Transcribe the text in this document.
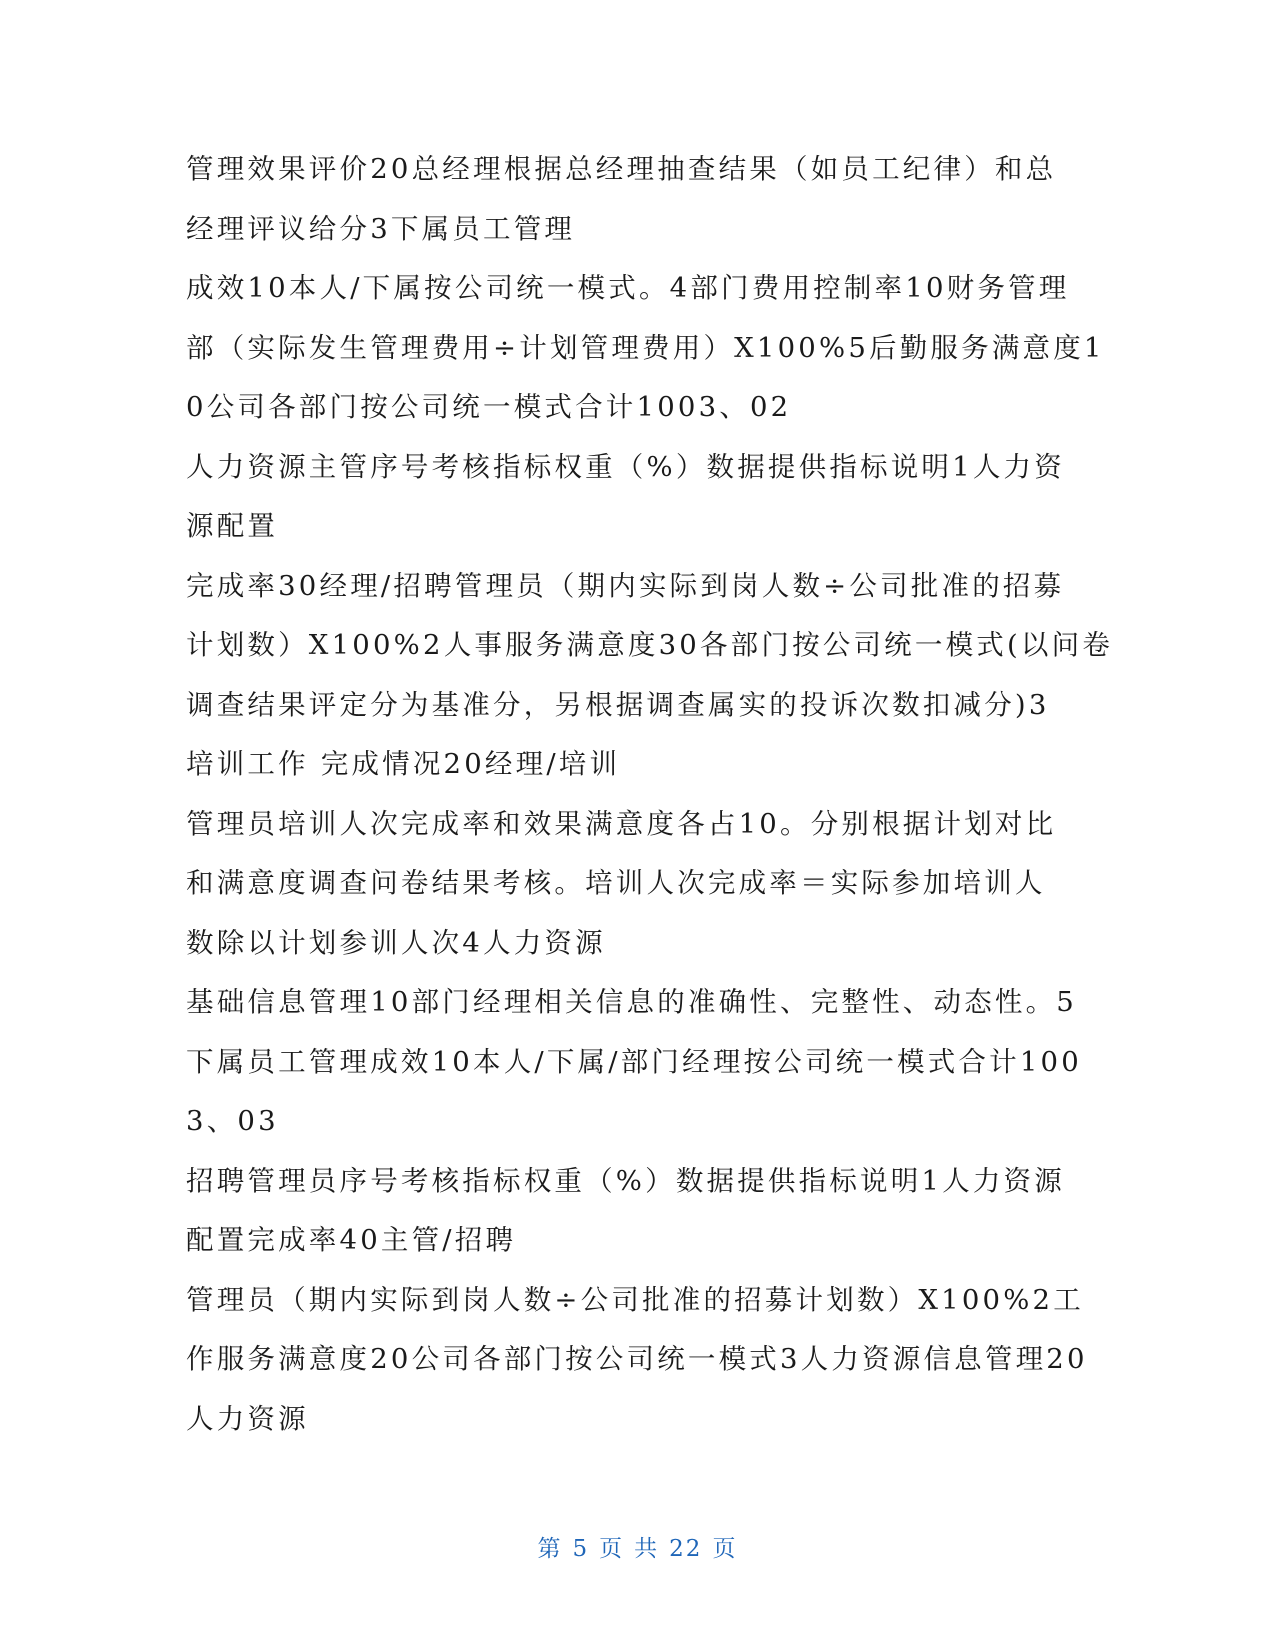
管理效果评价20总经理根据总经理抽查结果（如员工纪律）和总
经理评议给分3下属员工管理
成效10本人/下属按公司统一模式。4部门费用控制率10财务管理
部（实际发生管理费用÷计划管理费用）X100%5后勤服务满意度1
0公司各部门按公司统一模式合计1003、02
人力资源主管序号考核指标权重（%）数据提供指标说明1人力资
源配置
完成率30经理/招聘管理员（期内实际到岗人数÷公司批准的招募
计划数）X100%2人事服务满意度30各部门按公司统一模式(以问卷
调查结果评定分为基准分，另根据调查属实的投诉次数扣减分)3
培训工作 完成情况20经理/培训
管理员培训人次完成率和效果满意度各占10。分别根据计划对比
和满意度调查问卷结果考核。培训人次完成率＝实际参加培训人
数除以计划参训人次4人力资源
基础信息管理10部门经理相关信息的准确性、完整性、动态性。5
下属员工管理成效10本人/下属/部门经理按公司统一模式合计100
3、03
招聘管理员序号考核指标权重（%）数据提供指标说明1人力资源
配置完成率40主管/招聘
管理员（期内实际到岗人数÷公司批准的招募计划数）X100%2工
作服务满意度20公司各部门按公司统一模式3人力资源信息管理20
人力资源
第 5 页 共 22 页
